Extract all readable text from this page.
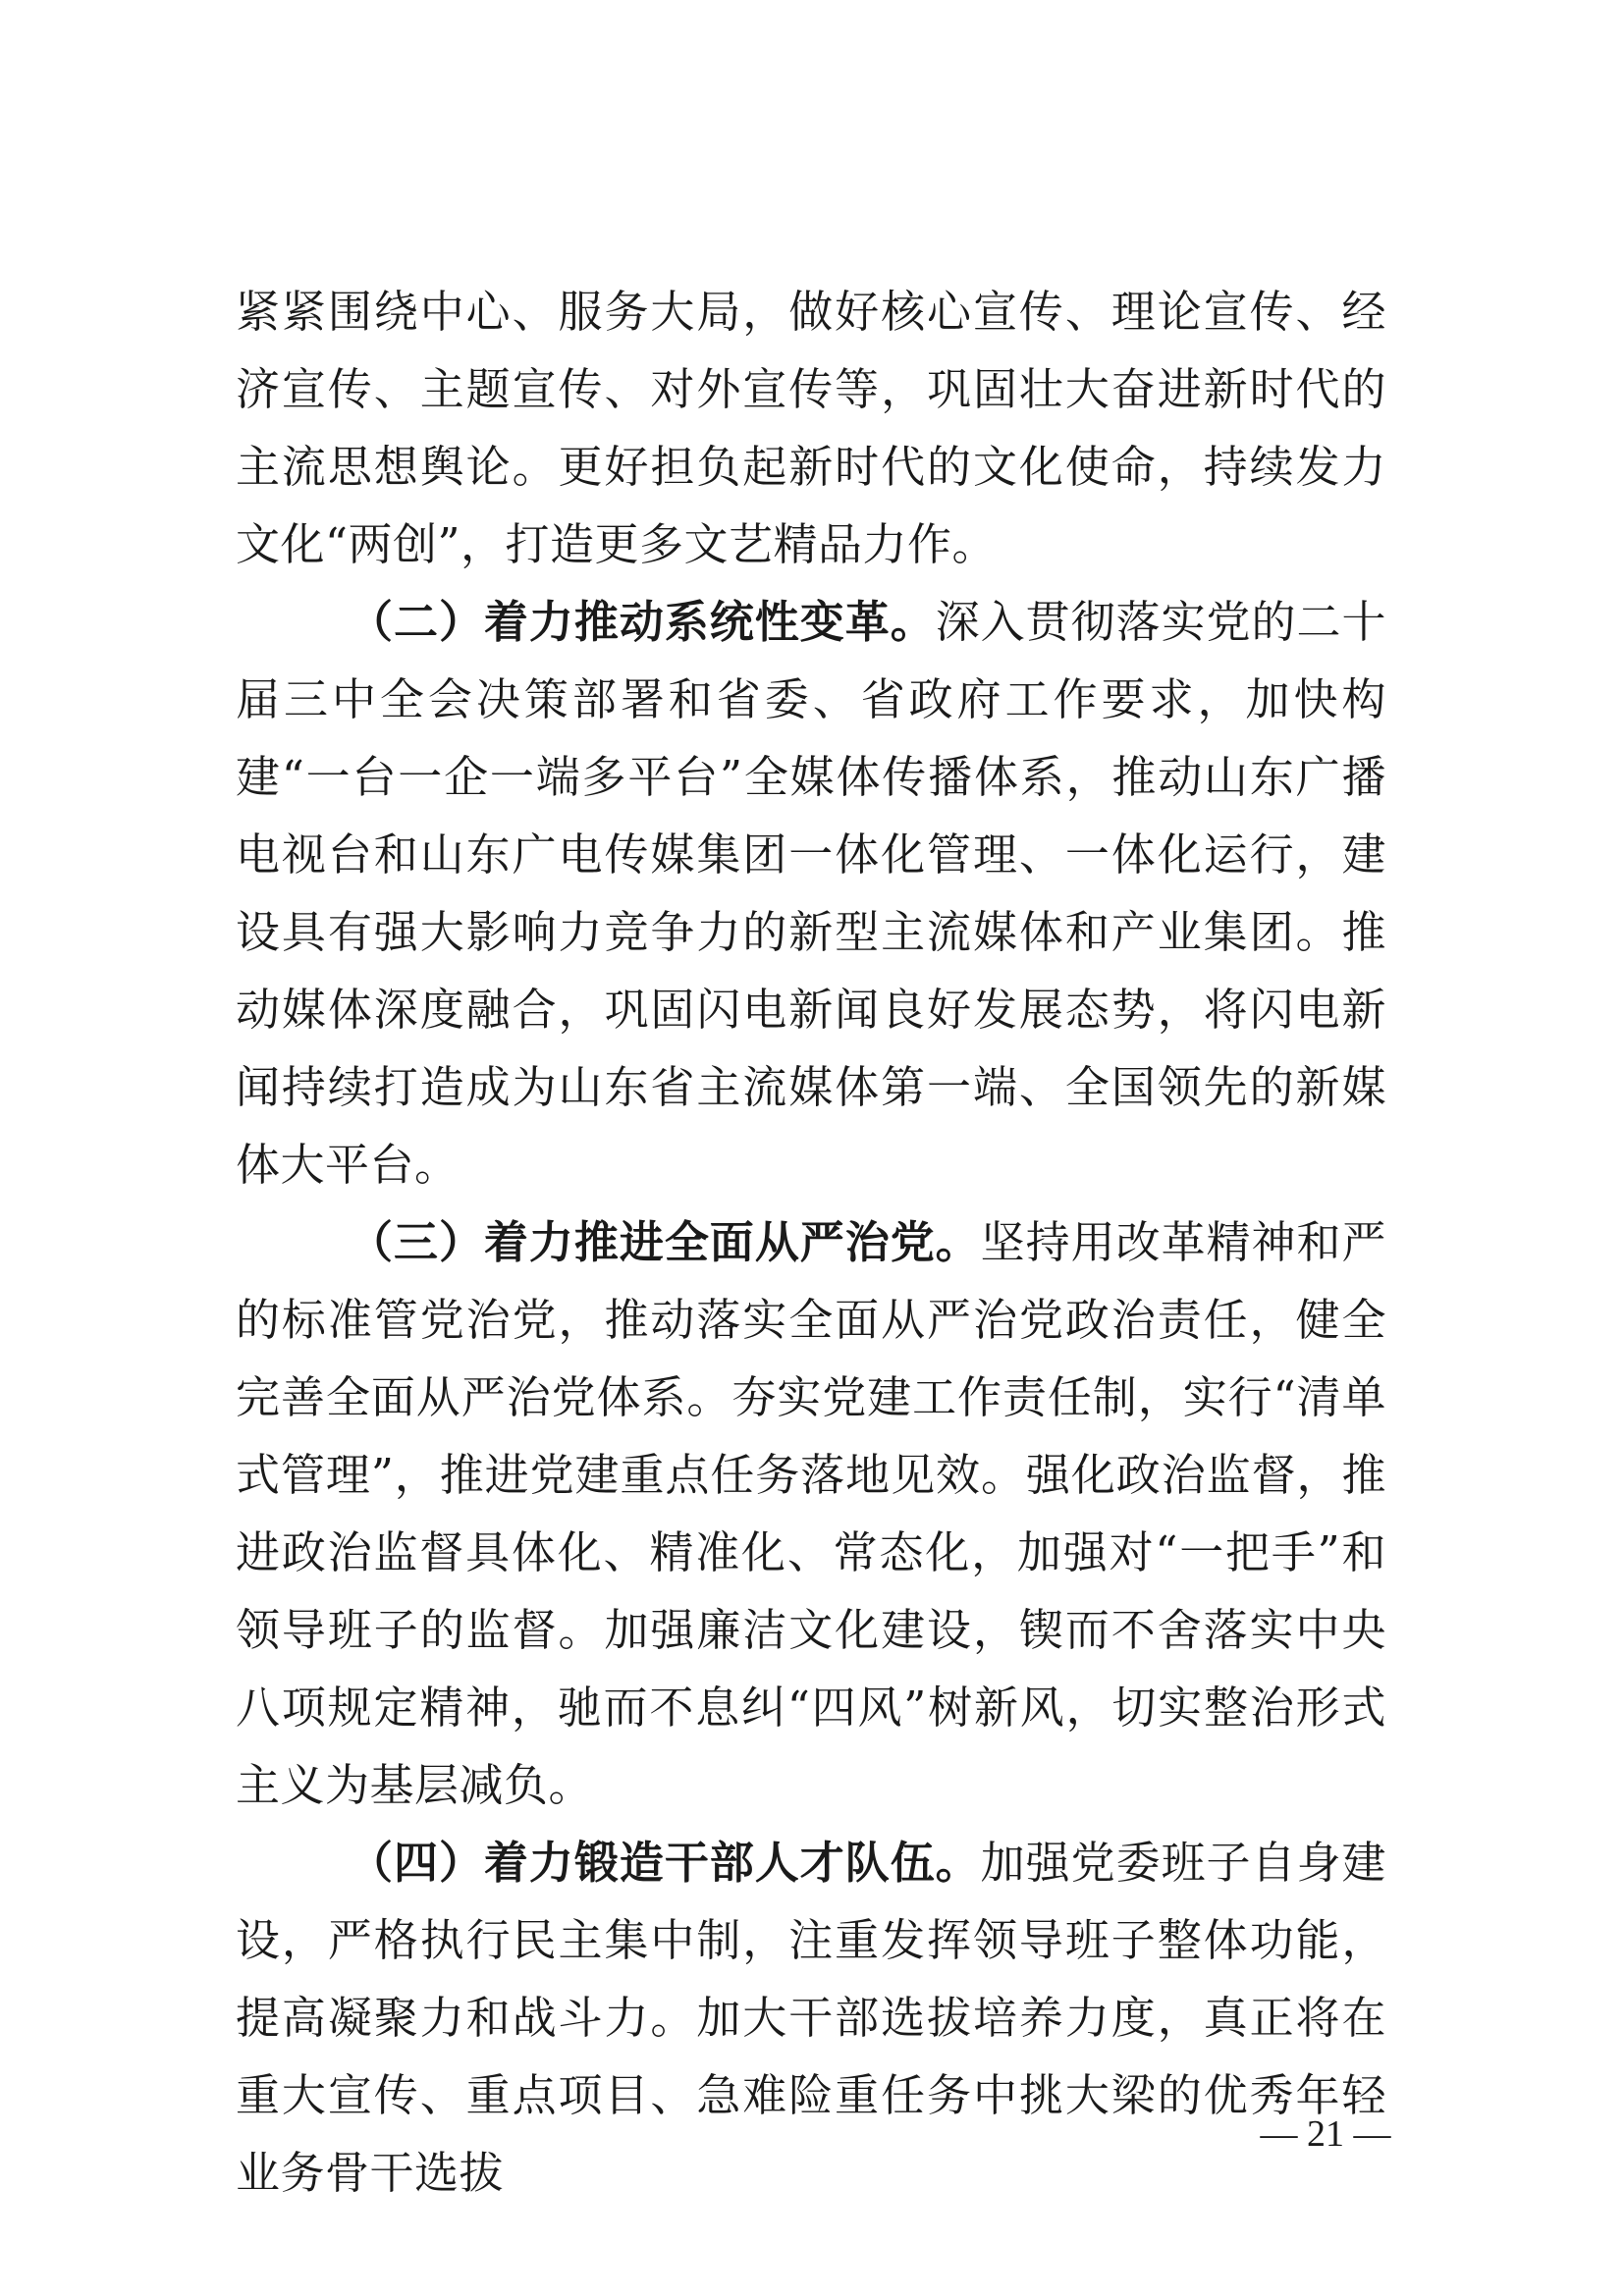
紧紧围绕中心、服务大局，做好核心宣传、理论宣传、经济宣传、主题宣传、对外宣传等，巩固壮大奋进新时代的主流思想舆论。更好担负起新时代的文化使命，持续发力文化“两创”，打造更多文艺精品力作。

（二）着力推动系统性变革。深入贯彻落实党的二十届三中全会决策部署和省委、省政府工作要求，加快构建“一台一企一端多平台”全媒体传播体系，推动山东广播电视台和山东广电传媒集团一体化管理、一体化运行，建设具有强大影响力竞争力的新型主流媒体和产业集团。推动媒体深度融合，巩固闪电新闻良好发展态势，将闪电新闻持续打造成为山东省主流媒体第一端、全国领先的新媒体大平台。

（三）着力推进全面从严治党。坚持用改革精神和严的标准管党治党，推动落实全面从严治党政治责任，健全完善全面从严治党体系。夯实党建工作责任制，实行“清单式管理”，推进党建重点任务落地见效。强化政治监督，推进政治监督具体化、精准化、常态化，加强对“一把手”和领导班子的监督。加强廉洁文化建设，锲而不舍落实中央八项规定精神，驰而不息纠“四风”树新风，切实整治形式主义为基层减负。

（四）着力锻造干部人才队伍。加强党委班子自身建设，严格执行民主集中制，注重发挥领导班子整体功能，提高凝聚力和战斗力。加大干部选拔培养力度，真正将在重大宣传、重点项目、急难险重任务中挑大梁的优秀年轻业务骨干选拔

— 21 —
